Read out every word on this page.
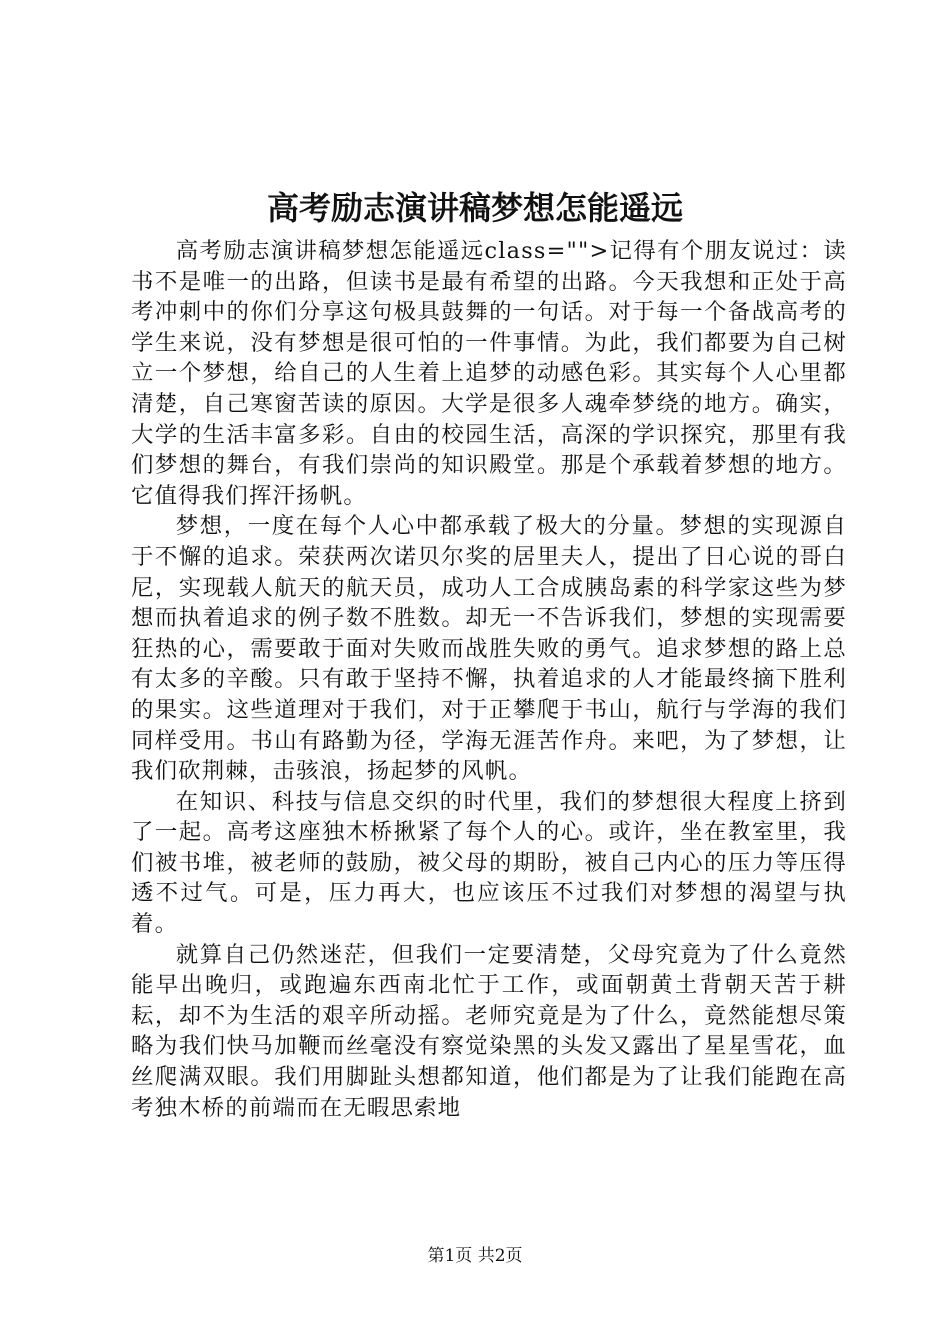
高考励志演讲稿梦想怎能遥远

高考励志演讲稿梦想怎能遥远class="">记得有个朋友说过：读书不是唯一的出路，但读书是最有希望的出路。今天我想和正处于高考冲刺中的你们分享这句极具鼓舞的一句话。对于每一个备战高考的学生来说，没有梦想是很可怕的一件事情。为此，我们都要为自己树立一个梦想，给自己的人生着上追梦的动感色彩。其实每个人心里都清楚，自己寒窗苦读的原因。大学是很多人魂牵梦绕的地方。确实，大学的生活丰富多彩。自由的校园生活，高深的学识探究，那里有我们梦想的舞台，有我们崇尚的知识殿堂。那是个承载着梦想的地方。它值得我们挥汗扬帆。

梦想，一度在每个人心中都承载了极大的分量。梦想的实现源自于不懈的追求。荣获两次诺贝尔奖的居里夫人，提出了日心说的哥白尼，实现载人航天的航天员，成功人工合成胰岛素的科学家这些为梦想而执着追求的例子数不胜数。却无一不告诉我们，梦想的实现需要狂热的心，需要敢于面对失败而战胜失败的勇气。追求梦想的路上总有太多的辛酸。只有敢于坚持不懈，执着追求的人才能最终摘下胜利的果实。这些道理对于我们，对于正攀爬于书山，航行与学海的我们同样受用。书山有路勤为径，学海无涯苦作舟。来吧，为了梦想，让我们砍荆棘，击骇浪，扬起梦的风帆。

在知识、科技与信息交织的时代里，我们的梦想很大程度上挤到了一起。高考这座独木桥揪紧了每个人的心。或许，坐在教室里，我们被书堆，被老师的鼓励，被父母的期盼，被自己内心的压力等压得透不过气。可是，压力再大，也应该压不过我们对梦想的渴望与执着。

就算自己仍然迷茫，但我们一定要清楚，父母究竟为了什么竟然能早出晚归，或跑遍东西南北忙于工作，或面朝黄土背朝天苦于耕耘，却不为生活的艰辛所动摇。老师究竟是为了什么，竟然能想尽策略为我们快马加鞭而丝毫没有察觉染黑的头发又露出了星星雪花，血丝爬满双眼。我们用脚趾头想都知道，他们都是为了让我们能跑在高考独木桥的前端而在无暇思索地

第1页 共2页
